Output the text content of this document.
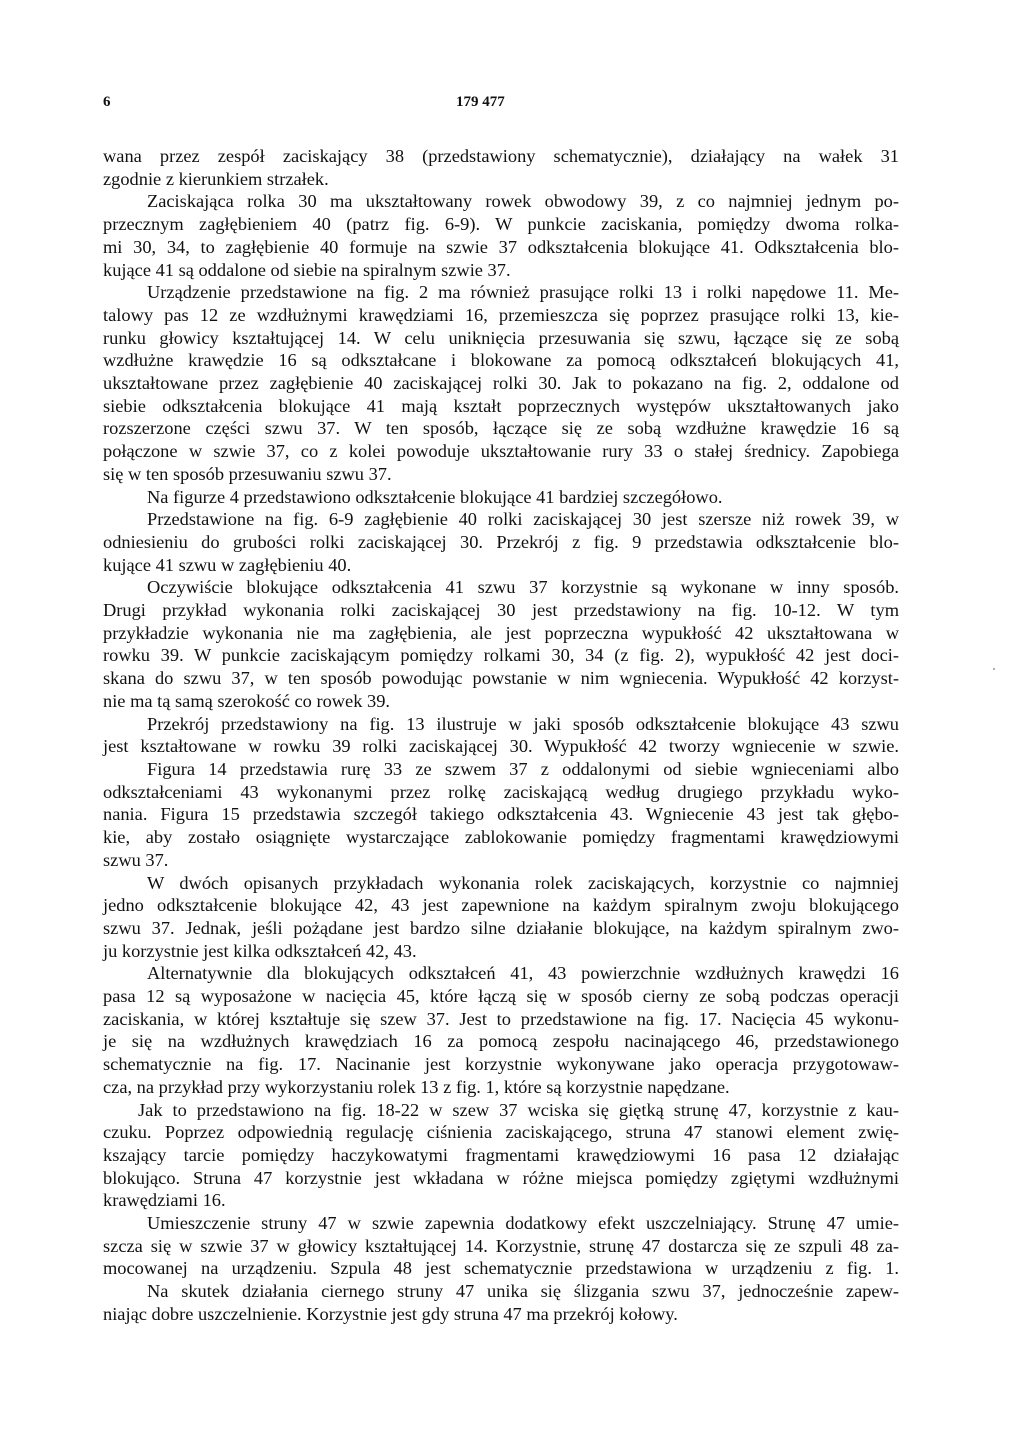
6	179 477
wana przez zespół zaciskający 38 (przedstawiony schematycznie), działający na wałek 31
zgodnie z kierunkiem strzałek.
Zaciskająca rolka 30 ma ukształtowany rowek obwodowy 39, z co najmniej jednym po-
przecznym zagłębieniem 40 (patrz fig. 6-9). W punkcie zaciskania, pomiędzy dwoma rolka-
mi 30, 34, to zagłębienie 40 formuje na szwie 37 odkształcenia blokujące 41. Odkształcenia blo-
kujące 41 są oddalone od siebie na spiralnym szwie 37.
Urządzenie przedstawione na fig. 2 ma również prasujące rolki 13 i rolki napędowe 11. Me-
talowy pas 12 ze wzdłużnymi krawędziami 16, przemieszcza się poprzez prasujące rolki 13, kie-
runku głowicy kształtującej 14. W celu uniknięcia przesuwania się szwu, łączące się ze sobą
wzdłużne krawędzie 16 są odkształcane i blokowane za pomocą odkształceń blokujących 41,
ukształtowane przez zagłębienie 40 zaciskającej rolki 30. Jak to pokazano na fig. 2, oddalone od
siebie odkształcenia blokujące 41 mają kształt poprzecznych występów ukształtowanych jako
rozszerzone części szwu 37. W ten sposób, łączące się ze sobą wzdłużne krawędzie 16 są
połączone w szwie 37, co z kolei powoduje ukształtowanie rury 33 o stałej średnicy. Zapobiega
się w ten sposób przesuwaniu szwu 37.
Na figurze 4 przedstawiono odkształcenie blokujące 41 bardziej szczegółowo.
Przedstawione na fig. 6-9 zagłębienie 40 rolki zaciskającej 30 jest szersze niż rowek 39, w
odniesieniu do grubości rolki zaciskającej 30. Przekrój z fig. 9 przedstawia odkształcenie blo-
kujące 41 szwu w zagłębieniu 40.
Oczywiście blokujące odkształcenia 41 szwu 37 korzystnie są wykonane w inny sposób.
Drugi przykład wykonania rolki zaciskającej 30 jest przedstawiony na fig. 10-12. W tym
przykładzie wykonania nie ma zagłębienia, ale jest poprzeczna wypukłość 42 ukształtowana w
rowku 39. W punkcie zaciskającym pomiędzy rolkami 30, 34 (z fig. 2), wypukłość 42 jest doci-
skana do szwu 37, w ten sposób powodując powstanie w nim wgniecenia. Wypukłość 42 korzyst-
nie ma tą samą szerokość co rowek 39.
Przekrój przedstawiony na fig. 13 ilustruje w jaki sposób odkształcenie blokujące 43 szwu
jest kształtowane w rowku 39 rolki zaciskającej 30. Wypukłość 42 tworzy wgniecenie w szwie.
Figura 14 przedstawia rurę 33 ze szwem 37 z oddalonymi od siebie wgnieceniami albo
odkształceniami 43 wykonanymi przez rolkę zaciskającą według drugiego przykładu wyko-
nania. Figura 15 przedstawia szczegół takiego odkształcenia 43. Wgniecenie 43 jest tak głębo-
kie, aby zostało osiągnięte wystarczające zablokowanie pomiędzy fragmentami krawędziowymi
szwu 37.
W dwóch opisanych przykładach wykonania rolek zaciskających, korzystnie co najmniej
jedno odkształcenie blokujące 42, 43 jest zapewnione na każdym spiralnym zwoju blokującego
szwu 37. Jednak, jeśli pożądane jest bardzo silne działanie blokujące, na każdym spiralnym zwo-
ju korzystnie jest kilka odkształceń 42, 43.
Alternatywnie dla blokujących odkształceń 41, 43 powierzchnie wzdłużnych krawędzi 16
pasa 12 są wyposażone w nacięcia 45, które łączą się w sposób cierny ze sobą podczas operacji
zaciskania, w której kształtuje się szew 37. Jest to przedstawione na fig. 17. Nacięcia 45 wykonu-
je się na wzdłużnych krawędziach 16 za pomocą zespołu nacinającego 46, przedstawionego
schematycznie na fig. 17. Nacinanie jest korzystnie wykonywane jako operacja przygotowaw-
cza, na przykład przy wykorzystaniu rolek 13 z fig. 1, które są korzystnie napędzane.
Jak to przedstawiono na fig. 18-22 w szew 37 wciska się giętką strunę 47, korzystnie z kau-
czuku. Poprzez odpowiednią regulację ciśnienia zaciskającego, struna 47 stanowi element zwię-
kszający tarcie pomiędzy haczykowatymi fragmentami krawędziowymi 16 pasa 12 działając
blokująco. Struna 47 korzystnie jest wkładana w różne miejsca pomiędzy zgiętymi wzdłużnymi
krawędziami 16.
Umieszczenie struny 47 w szwie zapewnia dodatkowy efekt uszczelniający. Strunę 47 umie-
szcza się w szwie 37 w głowicy kształtującej 14. Korzystnie, strunę 47 dostarcza się ze szpuli 48 za-
mocowanej na urządzeniu. Szpula 48 jest schematycznie przedstawiona w urządzeniu z fig. 1.
Na skutek działania ciernego struny 47 unika się ślizgania szwu 37, jednocześnie zapew-
niając dobre uszczelnienie. Korzystnie jest gdy struna 47 ma przekrój kołowy.
